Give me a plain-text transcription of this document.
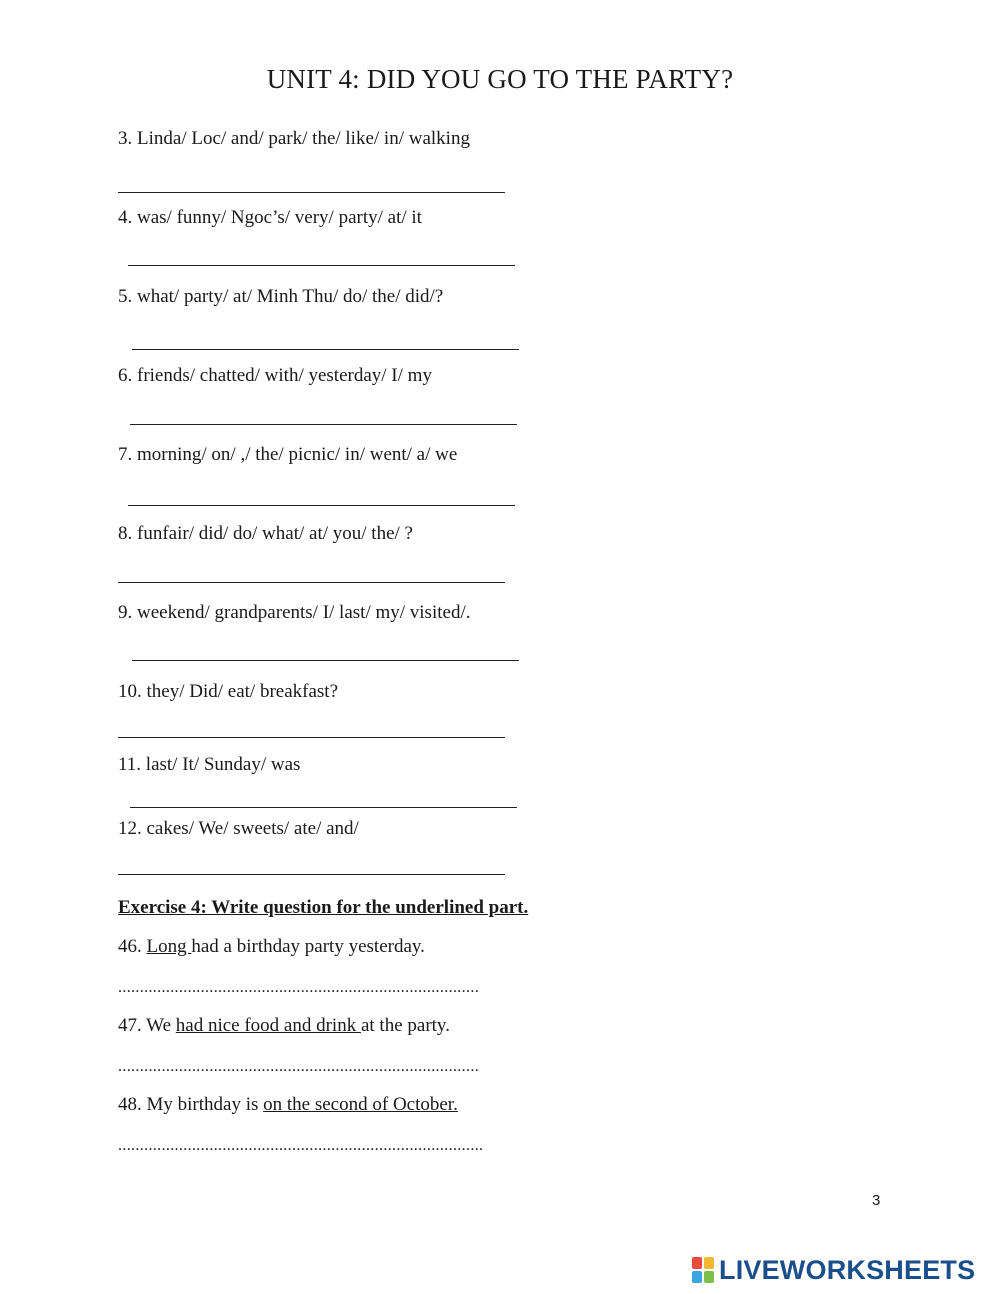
UNIT 4: DID YOU GO TO THE PARTY?
3. Linda/ Loc/ and/ park/ the/ like/ in/ walking
4. was/ funny/ Ngoc’s/ very/ party/ at/ it
5. what/ party/ at/ Minh Thu/ do/ the/ did/?
6. friends/ chatted/ with/ yesterday/ I/ my
7. morning/ on/ ,/ the/ picnic/ in/ went/ a/ we
8. funfair/ did/ do/ what/ at/ you/ the/ ?
9. weekend/ grandparents/ I/ last/ my/ visited/.
10. they/ Did/ eat/ breakfast?
11. last/ It/ Sunday/ was
12. cakes/ We/ sweets/ ate/ and/
Exercise 4: Write question for the underlined part.
46. Long had a birthday party yesterday.
...................................................................................
47. We had nice food and drink at the party.
...................................................................................
48. My birthday is on the second of October.
....................................................................................
3
LIVEWORKSHEETS
